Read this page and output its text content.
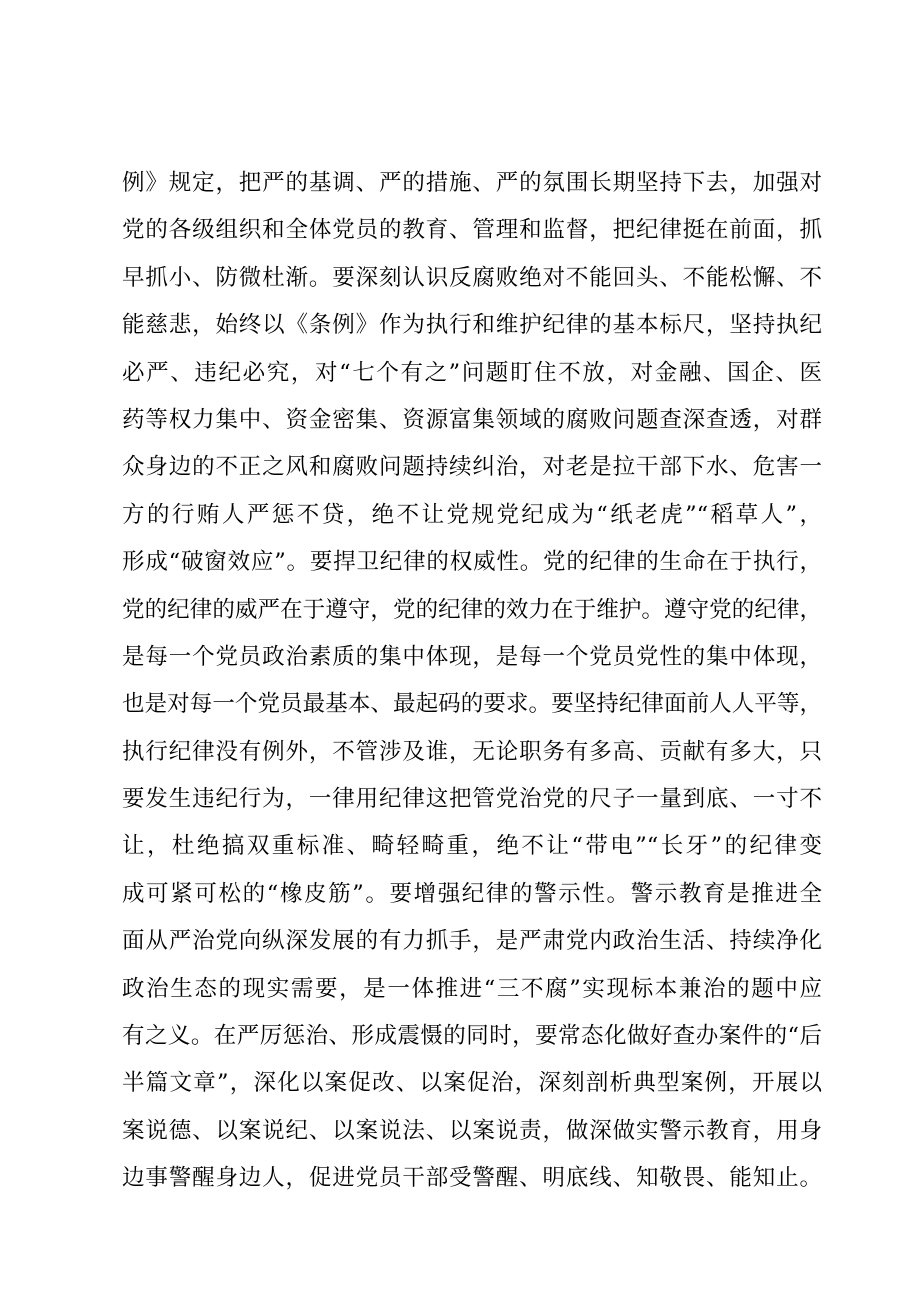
例》规定，把严的基调、严的措施、严的氛围长期坚持下去，加强对
党的各级组织和全体党员的教育、管理和监督，把纪律挺在前面，抓
早抓小、防微杜渐。要深刻认识反腐败绝对不能回头、不能松懈、不
能慈悲，始终以《条例》作为执行和维护纪律的基本标尺，坚持执纪
必严、违纪必究，对“七个有之”问题盯住不放，对金融、国企、医
药等权力集中、资金密集、资源富集领域的腐败问题查深查透，对群
众身边的不正之风和腐败问题持续纠治，对老是拉干部下水、危害一
方的行贿人严惩不贷，绝不让党规党纪成为“纸老虎”“稻草人”，
形成“破窗效应”。要捍卫纪律的权威性。党的纪律的生命在于执行，
党的纪律的威严在于遵守，党的纪律的效力在于维护。遵守党的纪律，
是每一个党员政治素质的集中体现，是每一个党员党性的集中体现，
也是对每一个党员最基本、最起码的要求。要坚持纪律面前人人平等，
执行纪律没有例外，不管涉及谁，无论职务有多高、贡献有多大，只
要发生违纪行为，一律用纪律这把管党治党的尺子一量到底、一寸不
让，杜绝搞双重标准、畸轻畸重，绝不让“带电”“长牙”的纪律变
成可紧可松的“橡皮筋”。要增强纪律的警示性。警示教育是推进全
面从严治党向纵深发展的有力抓手，是严肃党内政治生活、持续净化
政治生态的现实需要，是一体推进“三不腐”实现标本兼治的题中应
有之义。在严厉惩治、形成震慑的同时，要常态化做好查办案件的“后
半篇文章”，深化以案促改、以案促治，深刻剖析典型案例，开展以
案说德、以案说纪、以案说法、以案说责，做深做实警示教育，用身
边事警醒身边人，促进党员干部受警醒、明底线、知敬畏、能知止。
